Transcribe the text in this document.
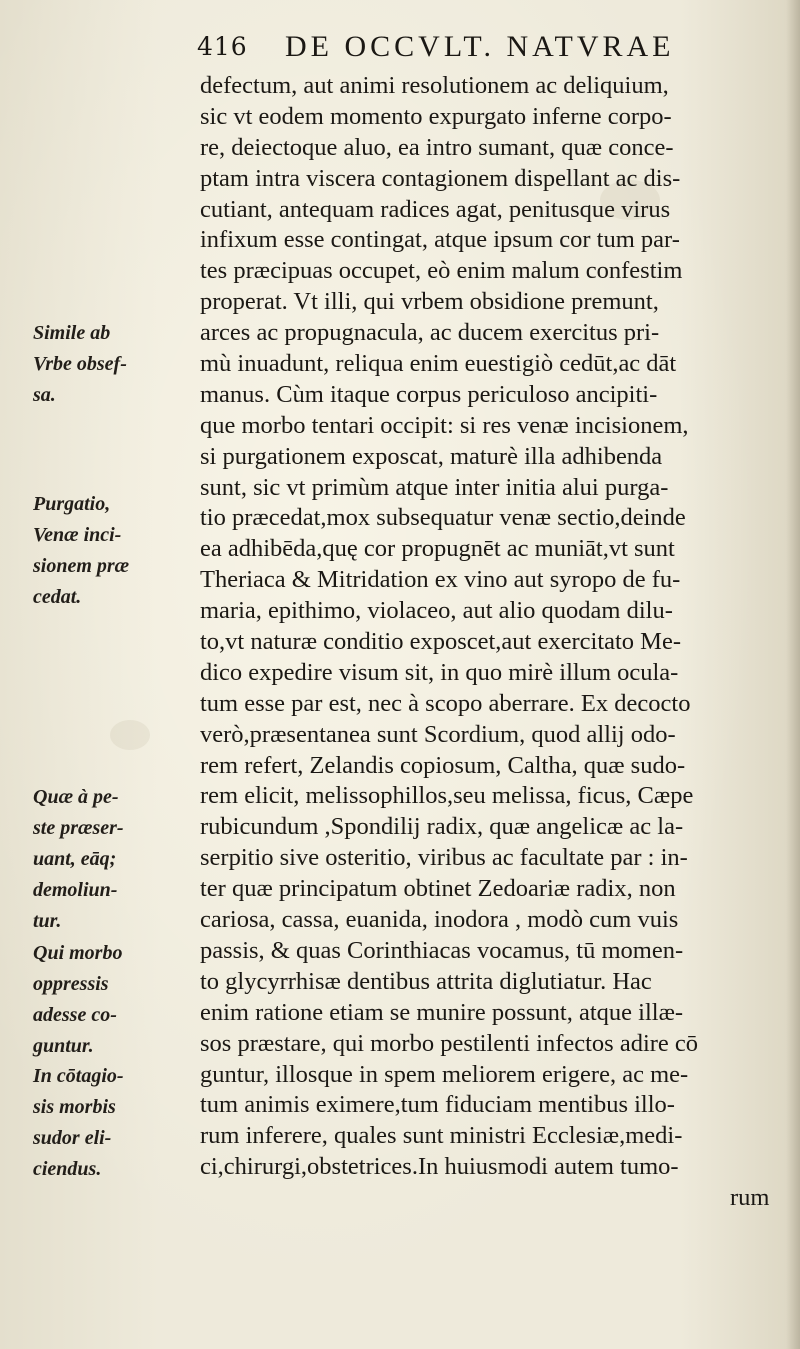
416 DE OCCVLT. NATVRAE
defectum, aut animi resolutionem ac deliquium,
sic vt eodem momento expurgato inferne corpo-
re, deiectoque aluo, ea intro sumant, quæ conce-
ptam intra viscera contagionem dispellant ac dis-
cutiant, antequam radices agat, penitusque virus
infixum esse contingat, atque ipsum cor tum par-
tes præcipuas occupet, eò enim malum confestim
properat. Vt illi, qui vrbem obsidione premunt,
arces ac propugnacula, ac ducem exercitus pri-
mù inuadunt, reliqua enim euestigiò cedūt,ac dāt
manus. Cùm itaque corpus periculoso ancipiti-
que morbo tentari occipit: si res venæ incisionem,
si purgationem exposcat, maturè illa adhibenda
sunt, sic vt primùm atque inter initia alui purga-
tio præcedat,mox subsequatur venæ sectio,deinde
ea adhibēda,quę cor propugnēt ac muniāt,vt sunt
Theriaca & Mitridation ex vino aut syropo de fu-
maria, epithimo, violaceo, aut alio quodam dilu-
to,vt naturæ conditio exposcet,aut exercitato Me-
dico expedire visum sit, in quo mirè illum ocula-
tum esse par est, nec à scopo aberrare. Ex decocto
verò,præsentanea sunt Scordium, quod allij odo-
rem refert, Zelandis copiosum, Caltha, quæ sudo-
rem elicit, melissophillos,seu melissa, ficus, Cæpe
rubicundum ,Spondilij radix, quæ angelicæ ac la-
serpitio sive osteritio, viribus ac facultate par : in-
ter quæ principatum obtinet Zedoariæ radix, non
cariosa, cassa, euanida, inodora , modò cum vuis
passis, & quas Corinthiacas vocamus, tū momen-
to glycyrrhisæ dentibus attrita diglutiatur. Hac
enim ratione etiam se munire possunt, atque illæ-
sos præstare, qui morbo pestilenti infectos adire cō
guntur, illosque in spem meliorem erigere, ac me-
tum animis eximere,tum fiduciam mentibus illo-
rum inferere, quales sunt ministri Ecclesiæ,medi-
ci,chirurgi,obstetrices.In huiusmodi autem tumo-
rum
Simile ab
Vrbe obsef-
sa.
Purgatio,
Venæ inci-
sionem præ
cedat.
Quæ à pe-
ste præser-
uant, eāq;
demoliun-
tur.
Qui morbo
oppressis
adesse co-
guntur.
In cōtagio-
sis morbis
sudor eli-
ciendus.
